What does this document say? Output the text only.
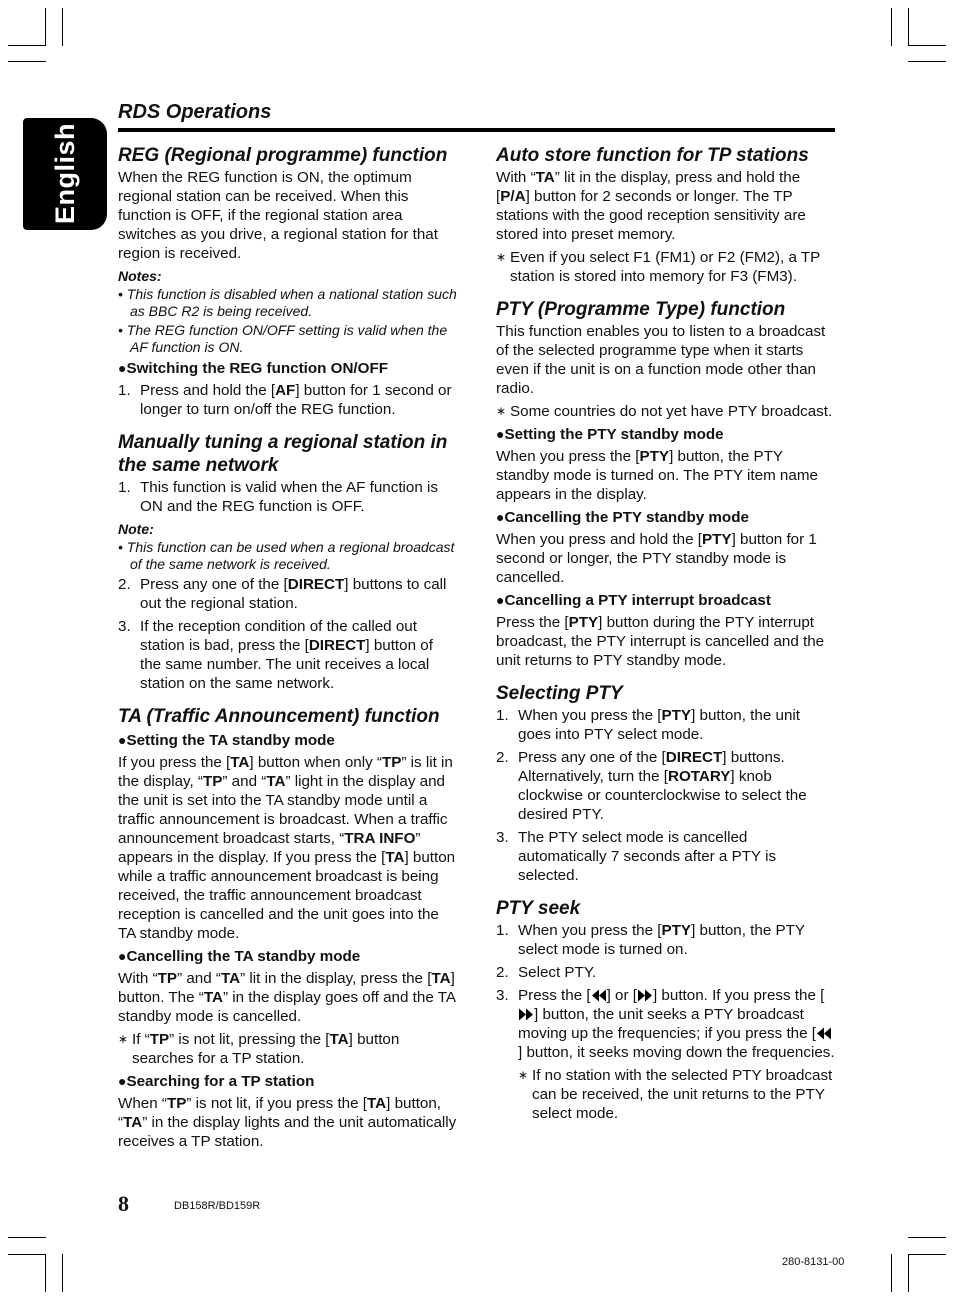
English
RDS Operations
REG (Regional programme) function

When the REG function is ON, the optimum regional station can be received. When this function is OFF, if the regional station area switches as you drive, a regional station for that region is received.

Notes:
• This function is disabled when a national station such as BBC R2 is being received.
• The REG function ON/OFF setting is valid when the AF function is ON.
● Switching the REG function ON/OFF
1. Press and hold the [AF] button for 1 second or longer to turn on/off the REG function.
Manually tuning a regional station in the same network
1. This function is valid when the AF function is ON and the REG function is OFF.
Note:
• This function can be used when a regional broadcast of the same network is received.
2. Press any one of the [DIRECT] buttons to call out the regional station.
3. If the reception condition of the called out station is bad, press the [DIRECT] button of the same number. The unit receives a local station on the same network.
TA (Traffic Announcement) function
● Setting the TA standby mode

If you press the [TA] button when only “TP” is lit in the display, “TP” and “TA” light in the display and the unit is set into the TA standby mode until a traffic announcement is broadcast. When a traffic announcement broadcast starts, “TRA INFO” appears in the display. If you press the [TA] button while a traffic announcement broadcast is being received, the traffic announcement broadcast reception is cancelled and the unit goes into the TA standby mode.

● Cancelling the TA standby mode

With “TP” and “TA” lit in the display, press the [TA] button. The “TA” in the display goes off and the TA standby mode is cancelled.

∗ If “TP” is not lit, pressing the [TA] button searches for a TP station.
● Searching for a TP station

When “TP” is not lit, if you press the [TA] button, “TA” in the display lights and the unit automatically receives a TP station.

Auto store function for TP stations

With “TA” lit in the display, press and hold the [P/A] button for 2 seconds or longer. The TP stations with the good reception sensitivity are stored into preset memory.

∗ Even if you select F1 (FM1) or F2 (FM2), a TP station is stored into memory for F3 (FM3).
PTY (Programme Type) function

This function enables you to listen to a broadcast of the selected programme type when it starts even if the unit is on a function mode other than radio.

∗ Some countries do not yet have PTY broadcast.
● Setting the PTY standby mode

When you press the [PTY] button, the PTY standby mode is turned on. The PTY item name appears in the display.

● Cancelling the PTY standby mode

When you press and hold the [PTY] button for 1 second or longer, the PTY standby mode is cancelled.

● Cancelling a PTY interrupt broadcast

Press the [PTY] button during the PTY interrupt broadcast, the PTY interrupt is cancelled and the unit returns to PTY standby mode.

Selecting PTY
1. When you press the [PTY] button, the unit goes into PTY select mode.
2. Press any one of the [DIRECT] buttons. Alternatively, turn the [ROTARY] knob clockwise or counterclockwise to select the desired PTY.
3. The PTY select mode is cancelled automatically 7 seconds after a PTY is selected.
PTY seek
1. When you press the [PTY] button, the PTY select mode is turned on.
2. Select PTY.
3. Press the [ ] or [ ] button. If you press the [] button, the unit seeks a PTY broadcast moving up the frequencies; if you press the [] button, it seeks moving down the frequencies.
∗ If no station with the selected PTY broadcast can be received, the unit returns to the PTY select mode.
8	DB158R/BD159R
280-8131-00
